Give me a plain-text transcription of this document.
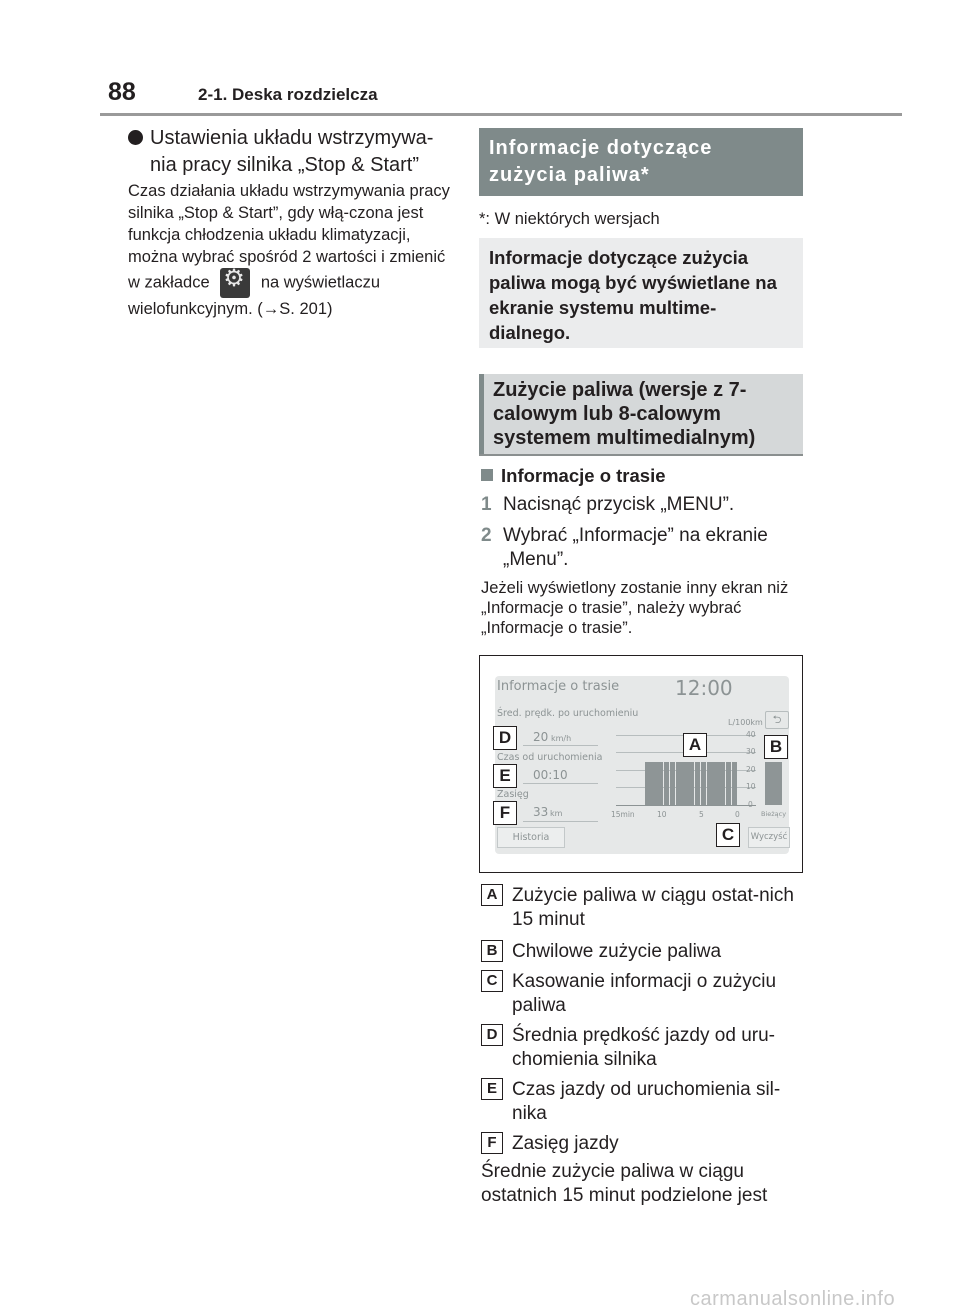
88	2-1. Deska rozdzielcza
Ustawienia układu wstrzymywa-nia pracy silnika „Stop & Start”
Czas działania układu wstrzymywania pracy silnika „Stop & Start”, gdy włą-czona jest funkcja chłodzenia układu klimatyzacji, można wybrać spośród 2 wartości i zmienić w zakładce ⚙	na wyświetlaczu wielofunkcyjnym. (→S. 201)
Informacje dotyczące zużycia paliwa*
*: W niektórych wersjach
Informacje dotyczące zużycia paliwa mogą być wyświetlane na ekranie systemu multime-dialnego.
Zużycie paliwa (wersje z 7-calowym lub 8-calowym systemem multimedialnym)
Informacje o trasie
1 Nacisnąć przycisk „MENU”.
2 Wybrać „Informacje” na ekranie „Menu”.
Jeżeli wyświetlony zostanie inny ekran niż „Informacje o trasie”, należy wybrać „Informacje o trasie”.
Informacje o trasie	12:00
Śred. prędk. po uruchomieniu
L/100km ⮌
20 km/h
Czas od uruchomienia
00:10
Zasięg
33 km
Historia	Wyczyść
40
30
20
10
0
15min	10	5	0	Bieżący
D
E
F
A	B
C
A Zużycie paliwa w ciągu ostat-nich 15 minut
B Chwilowe zużycie paliwa
C Kasowanie informacji o zużyciu paliwa
D Średnia prędkość jazdy od uru-chomienia silnika
E Czas jazdy od uruchomienia sil-nika
F Zasięg jazdy
Średnie zużycie paliwa w ciągu ostatnich 15 minut podzielone jest
carmanualsonline.info
